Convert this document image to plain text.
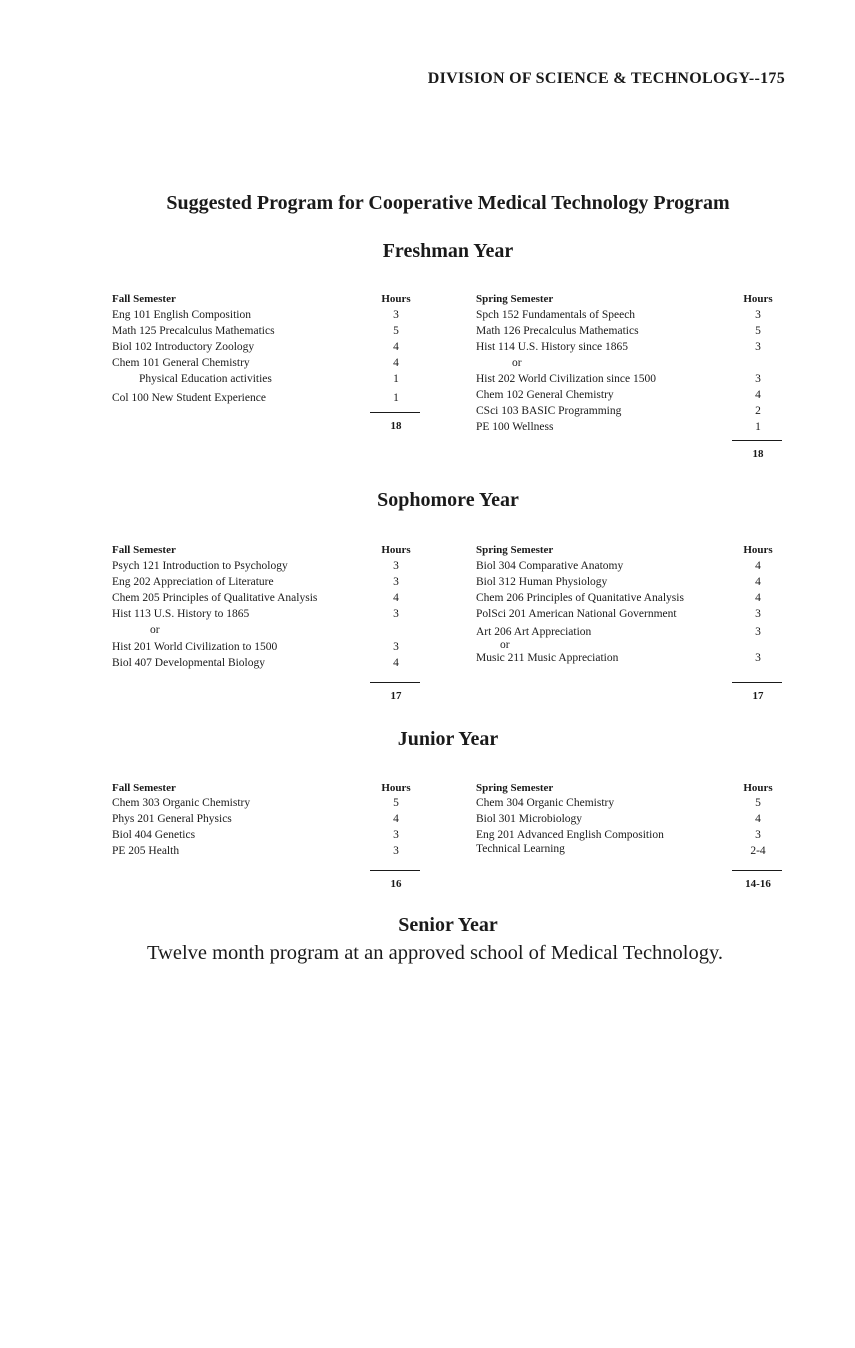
DIVISION OF SCIENCE & TECHNOLOGY--175
Suggested Program for Cooperative Medical Technology Program
Freshman Year
Fall Semester	Hours
Eng 101 English Composition	3
Math 125 Precalculus Mathematics	5
Biol 102 Introductory Zoology	4
Chem 101 General Chemistry	4
Physical Education activities	1
Col 100 New Student Experience	1
18
Spring Semester	Hours
Spch 152 Fundamentals of Speech	3
Math 126 Precalculus Mathematics	5
Hist 114 U.S. History since 1865	3
or
Hist 202 World Civilization since 1500	3
Chem 102 General Chemistry	4
CSci 103 BASIC Programming	2
PE 100 Wellness	1
18
Sophomore Year
Fall Semester	Hours
Psych 121 Introduction to Psychology	3
Eng 202 Appreciation of Literature	3
Chem 205 Principles of Qualitative Analysis	4
Hist 113 U.S. History to 1865	3
or
Hist 201 World Civilization to 1500	3
Biol 407 Developmental Biology	4
17
Spring Semester	Hours
Biol 304 Comparative Anatomy	4
Biol 312 Human Physiology	4
Chem 206 Principles of Quanitative Analysis	4
PolSci 201 American National Government	3
Art 206 Art Appreciation	3
or
Music 211 Music Appreciation	3
17
Junior Year
Fall Semester	Hours
Chem 303 Organic Chemistry	5
Phys 201 General Physics	4
Biol 404 Genetics	3
PE 205 Health	3
16
Spring Semester	Hours
Chem 304 Organic Chemistry	5
Biol 301 Microbiology	4
Eng 201 Advanced English Composition	3
Technical Learning	2-4
14-16
Senior Year
Twelve month program at an approved school of Medical Technology.
